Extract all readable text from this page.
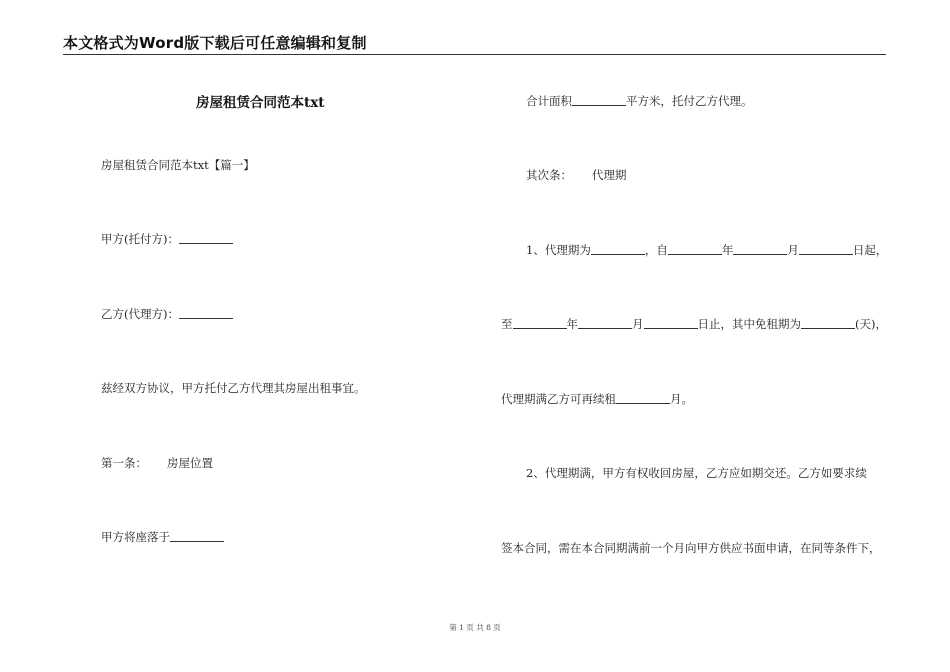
本文格式为Word版下载后可任意编辑和复制
房屋租赁合同范本txt
房屋租赁合同范本txt【篇一】
甲方(托付方)：
乙方(代理方)：
兹经双方协议，甲方托付乙方代理其房屋出租事宜。
第一条： 房屋位置
甲方将座落于
合计面积	平方米，托付乙方代理。
其次条： 代理期
1、代理期为	，自	年	月	日起，
至	年	月	日止，其中免租期为	(天)，
代理期满乙方可再续租	月。
2、代理期满，甲方有权收回房屋，乙方应如期交还。乙方如要求续
签本合同，需在本合同期满前一个月向甲方供应书面申请，在同等条件下，
第 1 页 共 8 页
